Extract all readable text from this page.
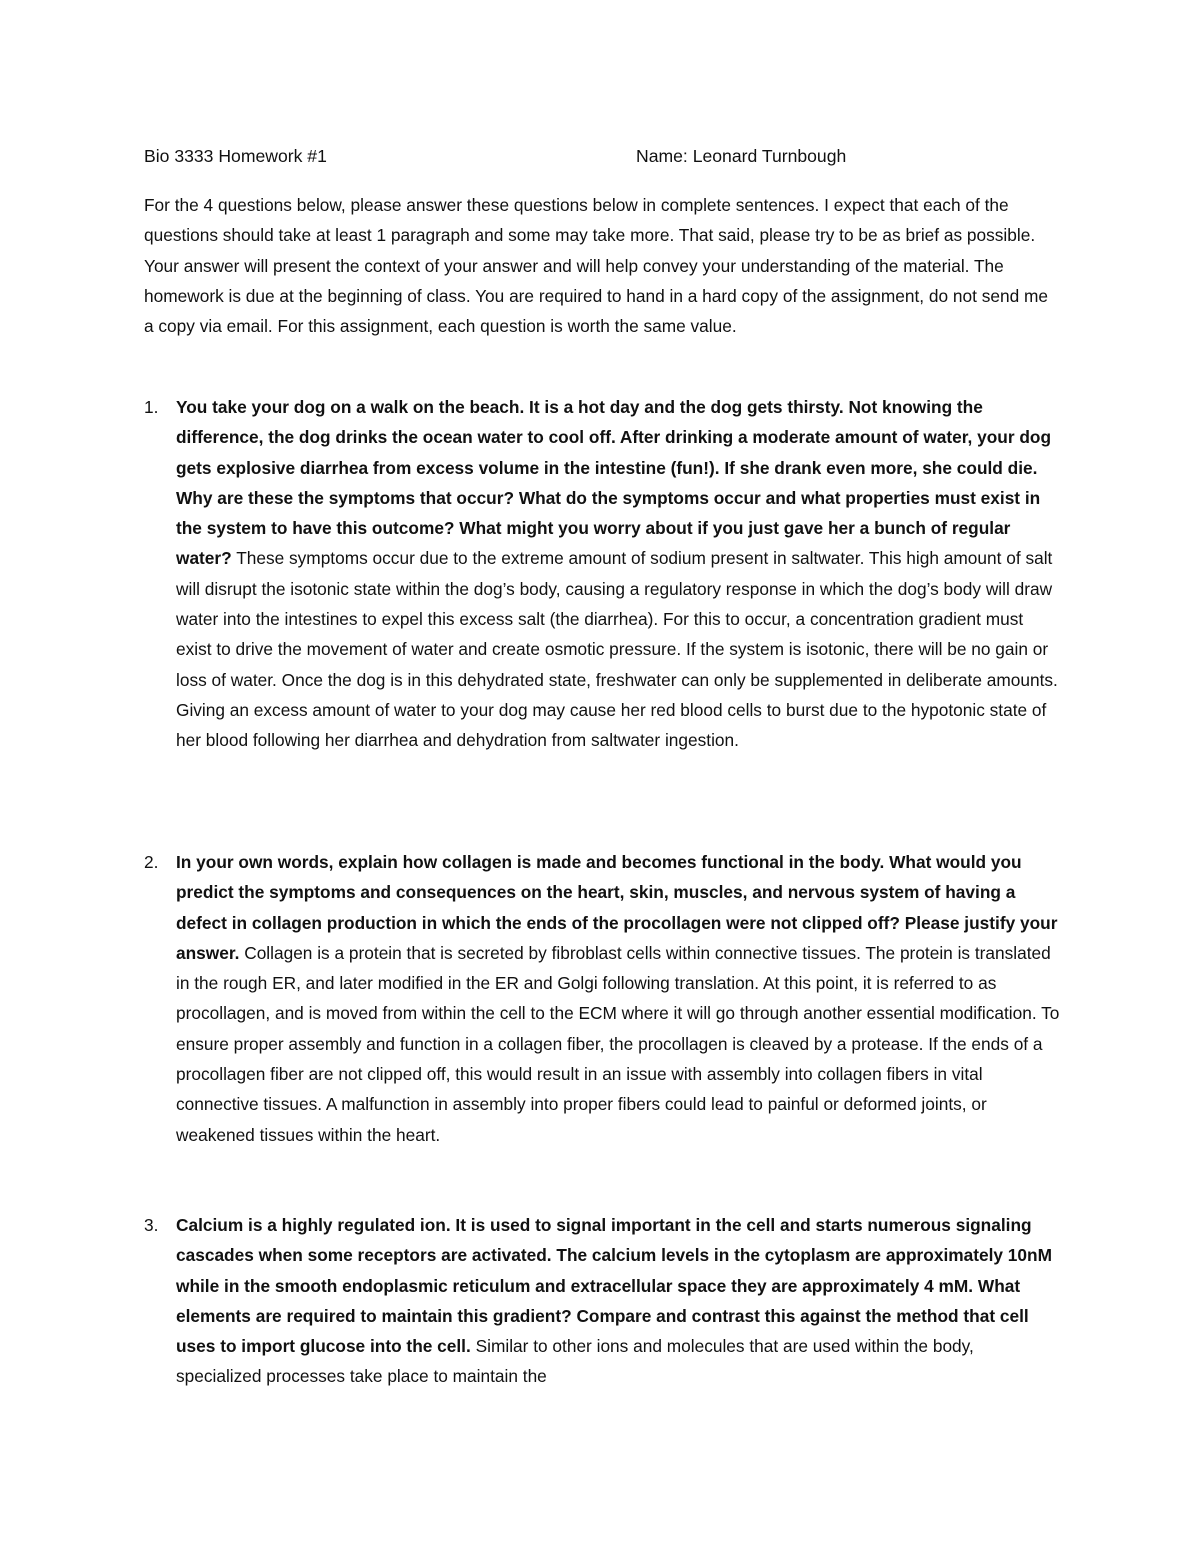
Bio 3333 Homework #1	Name: Leonard Turnbough
For the 4 questions below, please answer these questions below in complete sentences. I expect that each of the questions should take at least 1 paragraph and some may take more. That said, please try to be as brief as possible. Your answer will present the context of your answer and will help convey your understanding of the material. The homework is due at the beginning of class. You are required to hand in a hard copy of the assignment, do not send me a copy via email. For this assignment, each question is worth the same value.
1. You take your dog on a walk on the beach. It is a hot day and the dog gets thirsty. Not knowing the difference, the dog drinks the ocean water to cool off. After drinking a moderate amount of water, your dog gets explosive diarrhea from excess volume in the intestine (fun!). If she drank even more, she could die. Why are these the symptoms that occur? What do the symptoms occur and what properties must exist in the system to have this outcome? What might you worry about if you just gave her a bunch of regular water? These symptoms occur due to the extreme amount of sodium present in saltwater. This high amount of salt will disrupt the isotonic state within the dog’s body, causing a regulatory response in which the dog’s body will draw water into the intestines to expel this excess salt (the diarrhea). For this to occur, a concentration gradient must exist to drive the movement of water and create osmotic pressure. If the system is isotonic, there will be no gain or loss of water. Once the dog is in this dehydrated state, freshwater can only be supplemented in deliberate amounts. Giving an excess amount of water to your dog may cause her red blood cells to burst due to the hypotonic state of her blood following her diarrhea and dehydration from saltwater ingestion.
2. In your own words, explain how collagen is made and becomes functional in the body. What would you predict the symptoms and consequences on the heart, skin, muscles, and nervous system of having a defect in collagen production in which the ends of the procollagen were not clipped off? Please justify your answer. Collagen is a protein that is secreted by fibroblast cells within connective tissues. The protein is translated in the rough ER, and later modified in the ER and Golgi following translation. At this point, it is referred to as procollagen, and is moved from within the cell to the ECM where it will go through another essential modification. To ensure proper assembly and function in a collagen fiber, the procollagen is cleaved by a protease. If the ends of a procollagen fiber are not clipped off, this would result in an issue with assembly into collagen fibers in vital connective tissues. A malfunction in assembly into proper fibers could lead to painful or deformed joints, or weakened tissues within the heart.
3. Calcium is a highly regulated ion. It is used to signal important in the cell and starts numerous signaling cascades when some receptors are activated. The calcium levels in the cytoplasm are approximately 10nM while in the smooth endoplasmic reticulum and extracellular space they are approximately 4 mM. What elements are required to maintain this gradient? Compare and contrast this against the method that cell uses to import glucose into the cell. Similar to other ions and molecules that are used within the body, specialized processes take place to maintain the
